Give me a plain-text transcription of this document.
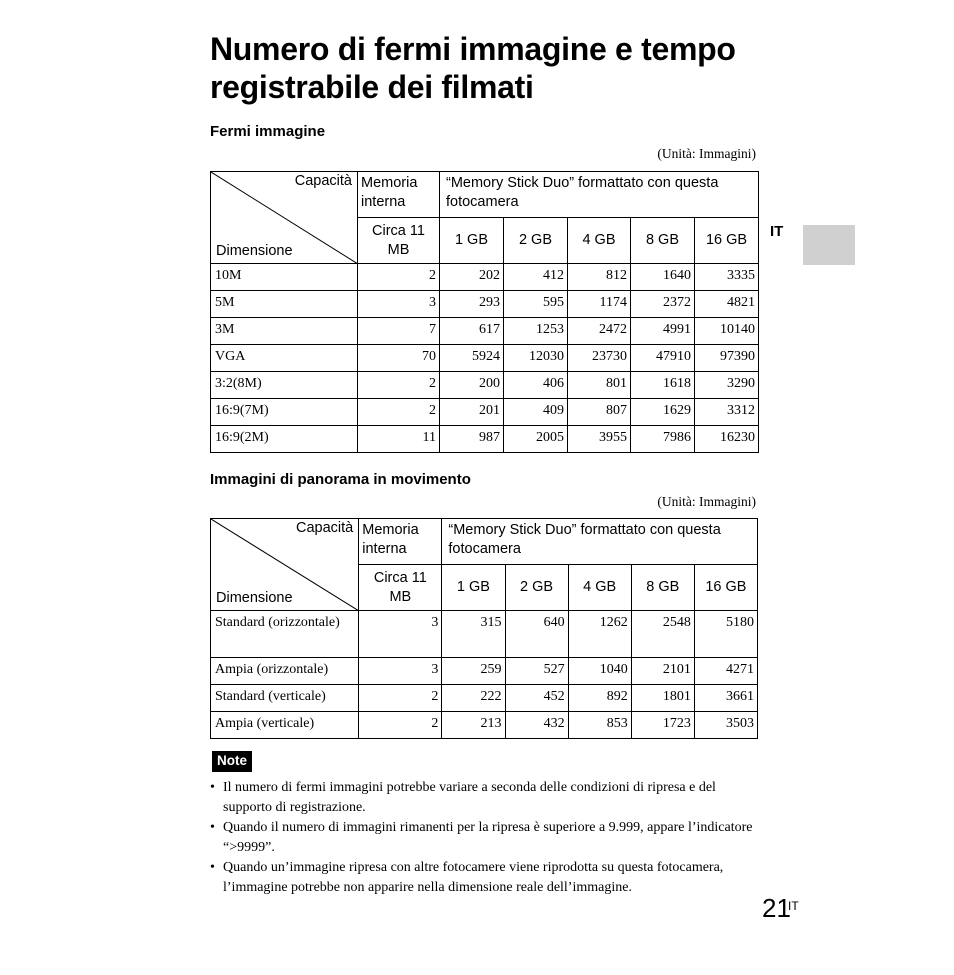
Numero di fermi immagine e tempo registrabile dei filmati
Fermi immagine
(Unità: Immagini)
Capacità
Dimensione	Memoria interna	“Memory Stick Duo” formattato con questa fotocamera				
	Circa 11 MB	1 GB	2 GB	4 GB	8 GB	16 GB
10M	2	202	412	812	1640	3335
5M	3	293	595	1174	2372	4821
3M	7	617	1253	2472	4991	10140
VGA	70	5924	12030	23730	47910	97390
3:2(8M)	2	200	406	801	1618	3290
16:9(7M)	2	201	409	807	1629	3312
16:9(2M)	11	987	2005	3955	7986	16230
Immagini di panorama in movimento
(Unità: Immagini)
Capacità
Dimensione	Memoria interna	“Memory Stick Duo” formattato con questa fotocamera				
	Circa 11 MB	1 GB	2 GB	4 GB	8 GB	16 GB
Standard (orizzontale)	3	315	640	1262	2548	5180
Ampia (orizzontale)	3	259	527	1040	2101	4271
Standard (verticale)	2	222	452	892	1801	3661
Ampia (verticale)	2	213	432	853	1723	3503
IT
Note
• Il numero di fermi immagini potrebbe variare a seconda delle condizioni di ripresa e del supporto di registrazione.
• Quando il numero di immagini rimanenti per la ripresa è superiore a 9.999, appare l’indicatore “>9999”.
• Quando un’immagine ripresa con altre fotocamere viene riprodotta su questa fotocamera, l’immagine potrebbe non apparire nella dimensione reale dell’immagine.
21
IT
